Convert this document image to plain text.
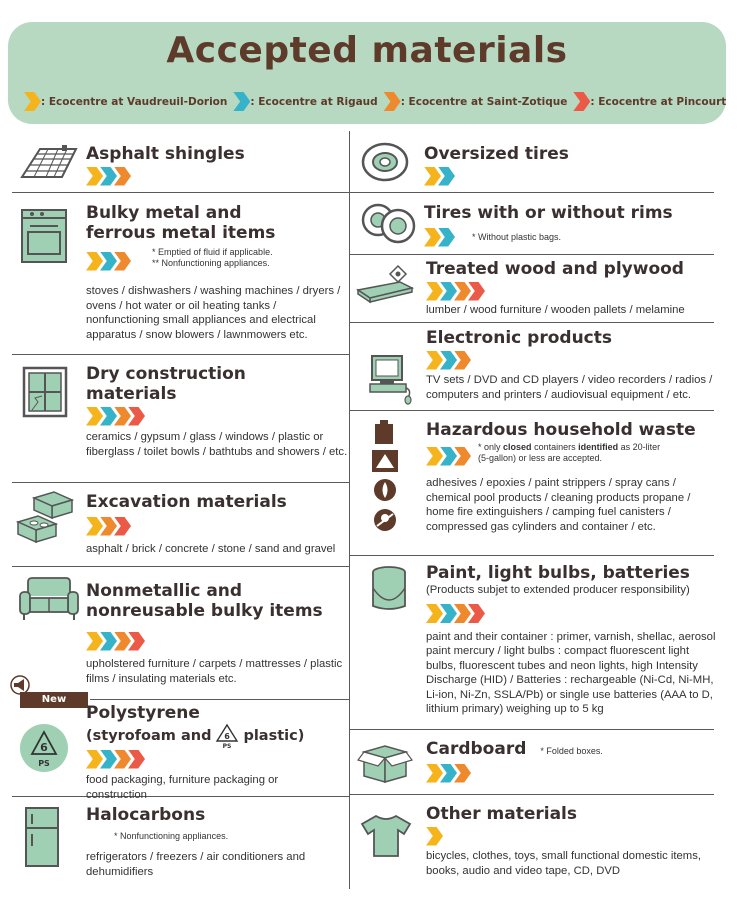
Accepted materials
: Ecocentre at Vaudreuil-Dorion : Ecocentre at Rigaud : Ecocentre at Saint-Zotique : Ecocentre at Pincourt
Asphalt shingles
Bulky metal and
ferrous metal items
* Emptied of fluid if applicable.
** Nonfunctioning appliances.
stoves / dishwashers / washing machines / dryers / ovens / hot water or oil heating tanks / nonfunctioning small appliances and electrical apparatus / snow blowers / lawnmowers etc.
Dry construction
materials
ceramics / gypsum / glass / windows / plastic or fiberglass / toilet bowls / bathtubs and showers / etc.
Excavation materials
asphalt / brick / concrete / stone / sand and gravel
Nonmetallic and
nonreusable bulky items
upholstered furniture / carpets / mattresses / plastic films / insulating materials etc.
New
6
PS
Polystyrene
(styrofoam and 6
PS
plastic)
food packaging, furniture packaging or construction
Halocarbons
* Nonfunctioning appliances.
refrigerators / freezers / air conditioners and dehumidifiers
Oversized tires
Tires with or without rims
* Without plastic bags.
Treated wood and plywood
lumber / wood furniture / wooden pallets / melamine
Electronic products
TV sets / DVD and CD players / video recorders / radios / computers and printers / audiovisual equipment / etc.
Hazardous household waste
* only closed containers identified as 20-liter
(5-gallon) or less are accepted.
adhesives / epoxies / paint strippers / spray cans / chemical pool products / cleaning products propane / home fire extinguishers / camping fuel canisters / compressed gas cylinders and container / etc.
Paint, light bulbs, batteries
(Products subjet to extended producer responsibility)
paint and their container : primer, varnish, shellac, aerosol paint mercury / light bulbs : compact fluorescent light bulbs, fluorescent tubes and neon lights, high Intensity Discharge (HID) / Batteries : rechargeable (Ni-Cd, Ni-MH, Li-ion, Ni-Zn, SSLA/Pb) or single use batteries (AAA to D, lithium primary) weighing up to 5 kg
Cardboard * Folded boxes.
Other materials
bicycles, clothes, toys, small functional domestic items, books, audio and video tape, CD, DVD
